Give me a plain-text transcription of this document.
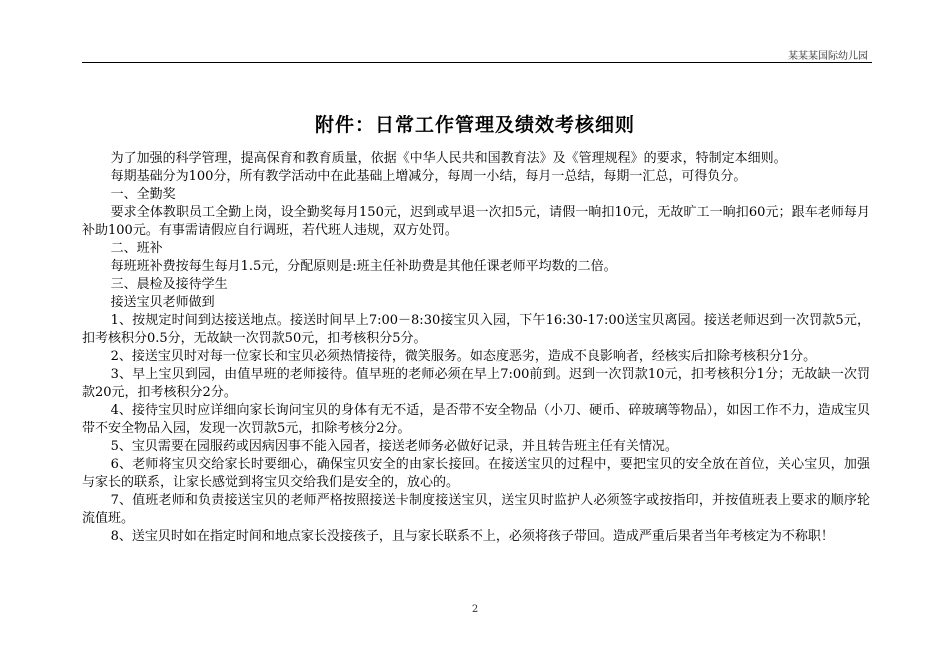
某某某国际幼儿园
附件：日常工作管理及绩效考核细则

为了加强的科学管理，提高保育和教育质量，依据《中华人民共和国教育法》及《管理规程》的要求，特制定本细则。

每期基础分为100分，所有教学活动中在此基础上增减分，每周一小结，每月一总结，每期一汇总，可得负分。

一、全勤奖

要求全体教职员工全勤上岗，设全勤奖每月150元，迟到或早退一次扣5元，请假一晌扣10元，无故旷工一晌扣60元；跟车老师每月补助100元。有事需请假应自行调班，若代班人违规，双方处罚。

二、班补

每班班补费按每生每月1.5元，分配原则是:班主任补助费是其他任课老师平均数的二倍。

三、晨检及接待学生

接送宝贝老师做到

1、按规定时间到达接送地点。接送时间早上7:00－8:30接宝贝入园，下午16:30-17:00送宝贝离园。接送老师迟到一次罚款5元，扣考核积分0.5分，无故缺一次罚款50元，扣考核积分5分。

2、接送宝贝时对每一位家长和宝贝必须热情接待，微笑服务。如态度恶劣，造成不良影响者，经核实后扣除考核积分1分。

3、早上宝贝到园，由值早班的老师接待。值早班的老师必须在早上7:00前到。迟到一次罚款10元，扣考核积分1分；无故缺一次罚款20元，扣考核积分2分。

4、接待宝贝时应详细向家长询问宝贝的身体有无不适，是否带不安全物品（小刀、硬币、碎玻璃等物品），如因工作不力，造成宝贝带不安全物品入园，发现一次罚款5元，扣除考核分2分。

5、宝贝需要在园服药或因病因事不能入园者，接送老师务必做好记录，并且转告班主任有关情况。

6、老师将宝贝交给家长时要细心，确保宝贝安全的由家长接回。在接送宝贝的过程中，要把宝贝的安全放在首位，关心宝贝，加强与家长的联系，让家长感觉到将宝贝交给我们是安全的，放心的。

7、值班老师和负责接送宝贝的老师严格按照接送卡制度接送宝贝，送宝贝时监护人必须签字或按指印，并按值班表上要求的顺序轮流值班。

8、送宝贝时如在指定时间和地点家长没接孩子，且与家长联系不上，必须将孩子带回。造成严重后果者当年考核定为不称职！

2
